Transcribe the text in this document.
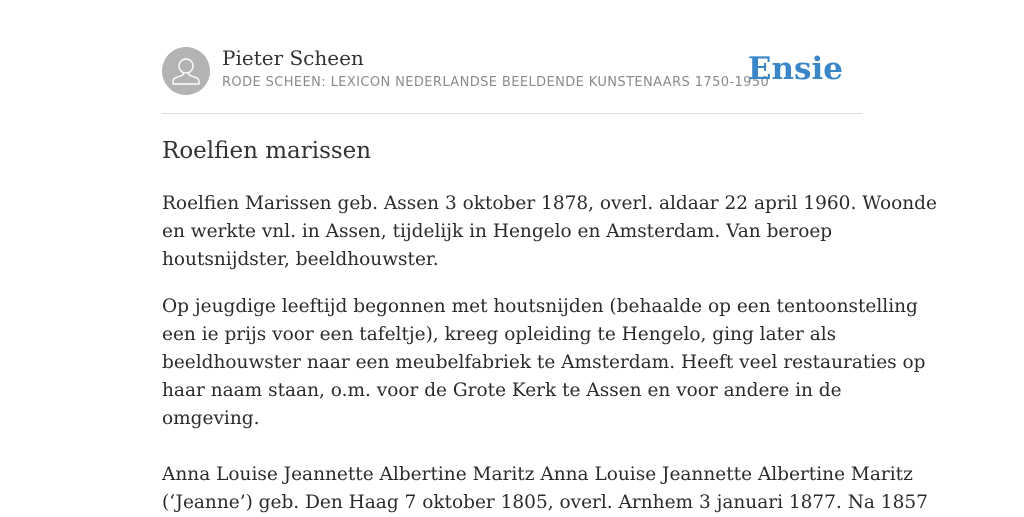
Pieter Scheen
RODE SCHEEN: LEXICON NEDERLANDSE BEELDENDE KUNSTENAARS 1750-1950
Ensie
Roelfien marissen

Roelfien Marissen geb. Assen 3 oktober 1878, overl. aldaar 22 april 1960. Woonde
en werkte vnl. in Assen, tijdelijk in Hengelo en Amsterdam. Van beroep
houtsnijdster, beeldhouwster.

Op jeugdige leeftijd begonnen met houtsnijden (behaalde op een tentoonstelling
een ie prijs voor een tafeltje), kreeg opleiding te Hengelo, ging later als
beeldhouwster naar een meubelfabriek te Amsterdam. Heeft veel restauraties op
haar naam staan, o.m. voor de Grote Kerk te Assen en voor andere in de
omgeving.

Anna Louise Jeannette Albertine Maritz Anna Louise Jeannette Albertine Maritz
(‘Jeanne’) geb. Den Haag 7 oktober 1805, overl. Arnhem 3 januari 1877. Na 1857
